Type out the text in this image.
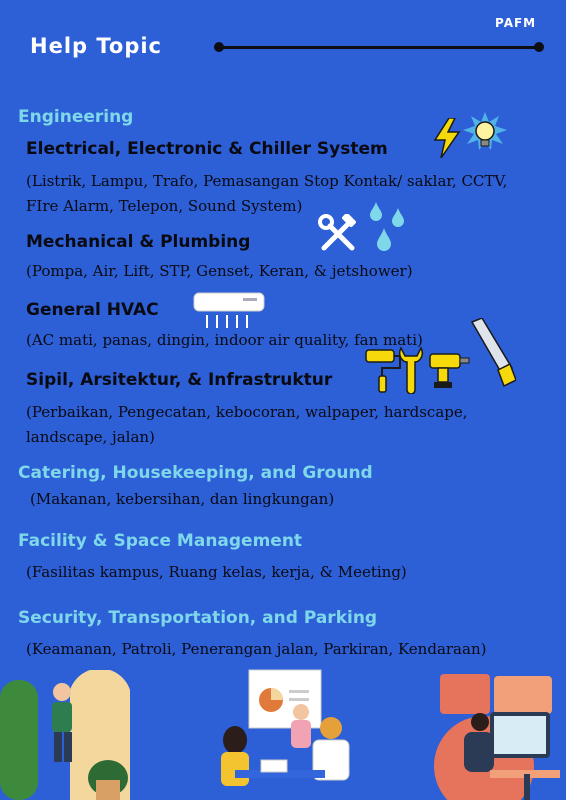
Help Topic
PAFM
Engineering
Electrical, Electronic & Chiller System
(Listrik, Lampu, Trafo, Pemasangan Stop Kontak/ saklar, CCTV,
FIre Alarm, Telepon, Sound System)
Mechanical & Plumbing
(Pompa, Air, Lift, STP, Genset, Keran, & jetshower)
General HVAC
(AC mati, panas, dingin, indoor air quality, fan mati)
Sipil, Arsitektur, & Infrastruktur
(Perbaikan, Pengecatan, kebocoran, walpaper, hardscape,
landscape, jalan)
Catering, Housekeeping, and Ground
(Makanan, kebersihan, dan lingkungan)
Facility & Space Management
(Fasilitas kampus, Ruang kelas, kerja, & Meeting)
Security, Transportation, and Parking
(Keamanan, Patroli, Penerangan jalan, Parkiran, Kendaraan)
